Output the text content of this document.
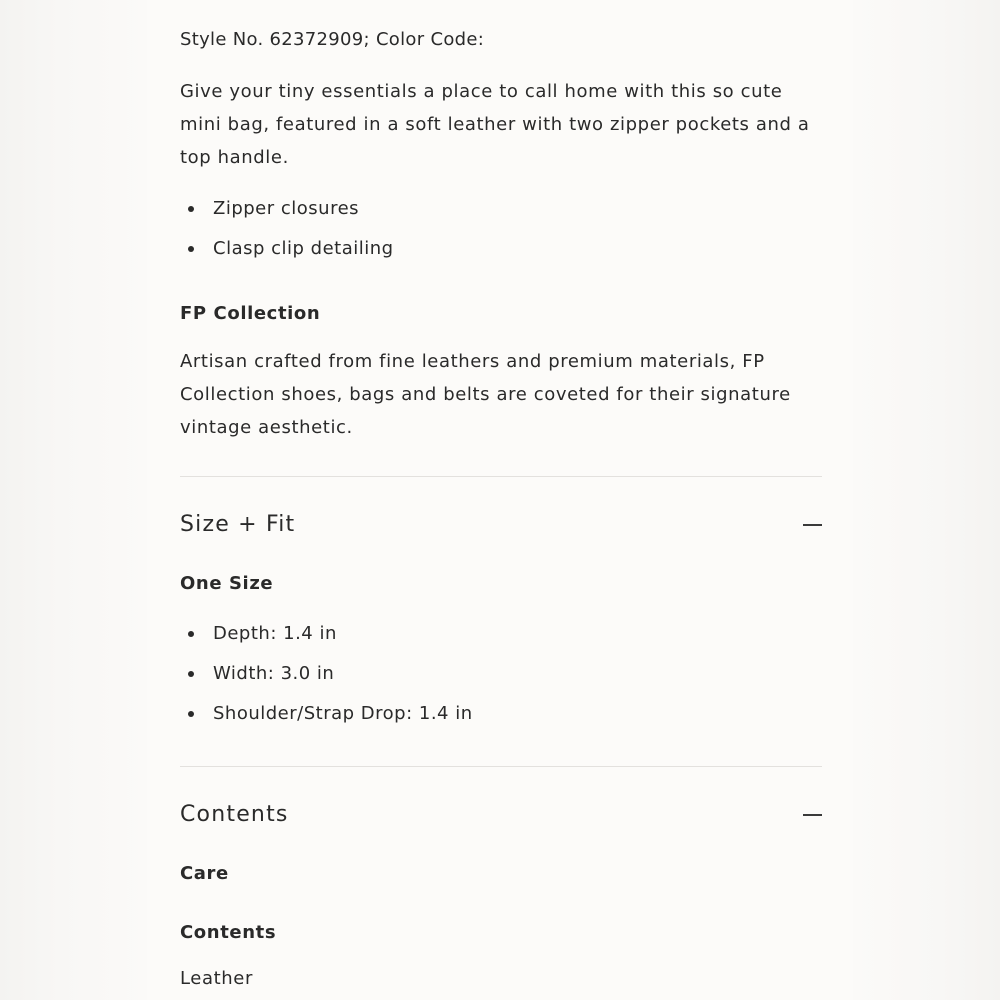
Style No. 62372909; Color Code:

Give your tiny essentials a place to call home with this so cute mini bag, featured in a soft leather with two zipper pockets and a top handle.

Zipper closures
Clasp clip detailing
FP Collection

Artisan crafted from fine leathers and premium materials, FP Collection shoes, bags and belts are coveted for their signature vintage aesthetic.

Size + Fit
One Size
Depth: 1.4 in
Width: 3.0 in
Shoulder/Strap Drop: 1.4 in
Contents
Care
Contents
Leather
